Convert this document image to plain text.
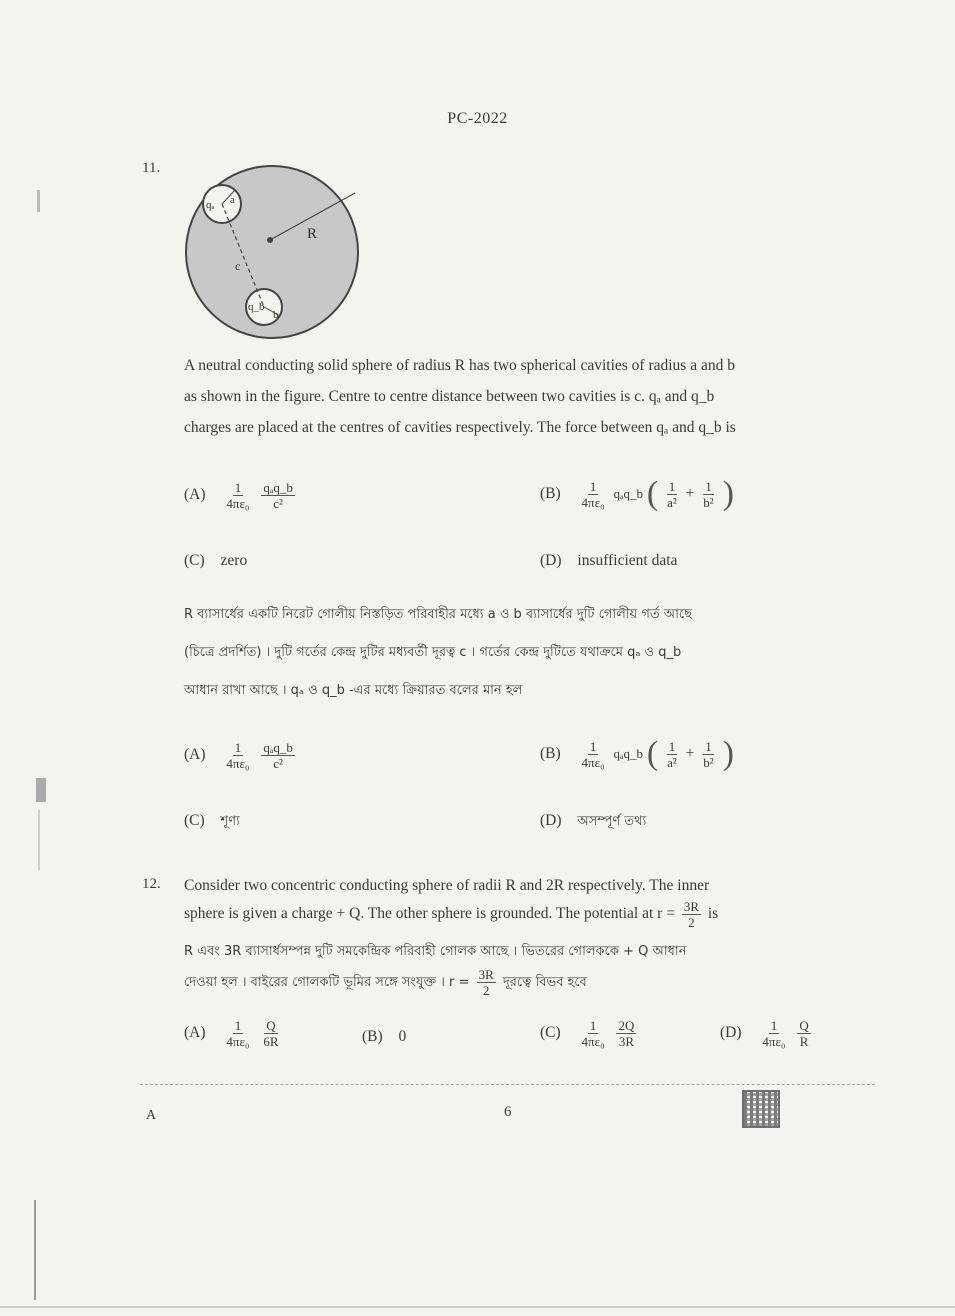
PC-2022
11.
qₐ a
q_b
b
R
c
A neutral conducting solid sphere of radius R has two spherical cavities of radius a and b
as shown in the figure. Centre to centre distance between two cavities is c. qₐ and q_b
charges are placed at the centres of cavities respectively. The force between qₐ and q_b is
$(A) \frac{1}{\text{4πε₀}}$
$\frac{\text{qₐq\_b}}{\text{c²}}$	$(B) \frac{1}{\text{4πε₀}}$ qₐq_b ( $\frac{1}{\text{a²}} + \frac{1}{\text{b²}}$ )
(C) zero	(D) insufficient data
R ব্যাসার্ধের একটি নিরেট গোলীয় নিস্তড়িত পরিবাহীর মধ্যে a ও b ব্যাসার্ধের দুটি গোলীয় গর্ত আছে
(চিত্রে প্রদর্শিত) । দুটি গর্তের কেন্দ্র দুটির মধ্যবর্তী দূরত্ব c । গর্তের কেন্দ্র দুটিতে যথাক্রমে qₐ ও q_b
আধান রাখা আছে । qₐ ও q_b -এর মধ্যে ক্রিয়ারত বলের মান হল
$(A) \frac{1}{\text{4πε₀}}$
$\frac{\text{qₐq\_b}}{\text{c²}}$	$(B) \frac{1}{\text{4πε₀}}$ qₐq_b ( $\frac{1}{\text{a²}} + \frac{1}{\text{b²}}$ )
(C) শূণ্য	(D) অসম্পূর্ণ তথ্য
12. Consider two concentric conducting sphere of radii R and 2R respectively. The inner
sphere is given a charge + Q. The other sphere is grounded. The potential at $r = \frac{3R}{2}$ is
R এবং 3R ব্যাসার্ধসম্পন্ন দুটি সমকেন্দ্রিক পরিবাহী গোলক আছে । ভিতরের গোলককে + Q আধান
দেওয়া হল । বাইরের গোলকটি ভূমির সঙ্গে সংযুক্ত । $r = \frac{3R}{2}$ দূরত্বে বিভব হবে
$(A) \frac{1}{\text{4πε₀}}$
$\frac{Q}{6R}$	(B) 0	$(C) \frac{1}{\text{4πε₀}}$
$\frac{2Q}{3R}$	$(D) \frac{1}{\text{4πε₀}}$
$\frac{Q}{R}$
A	6
